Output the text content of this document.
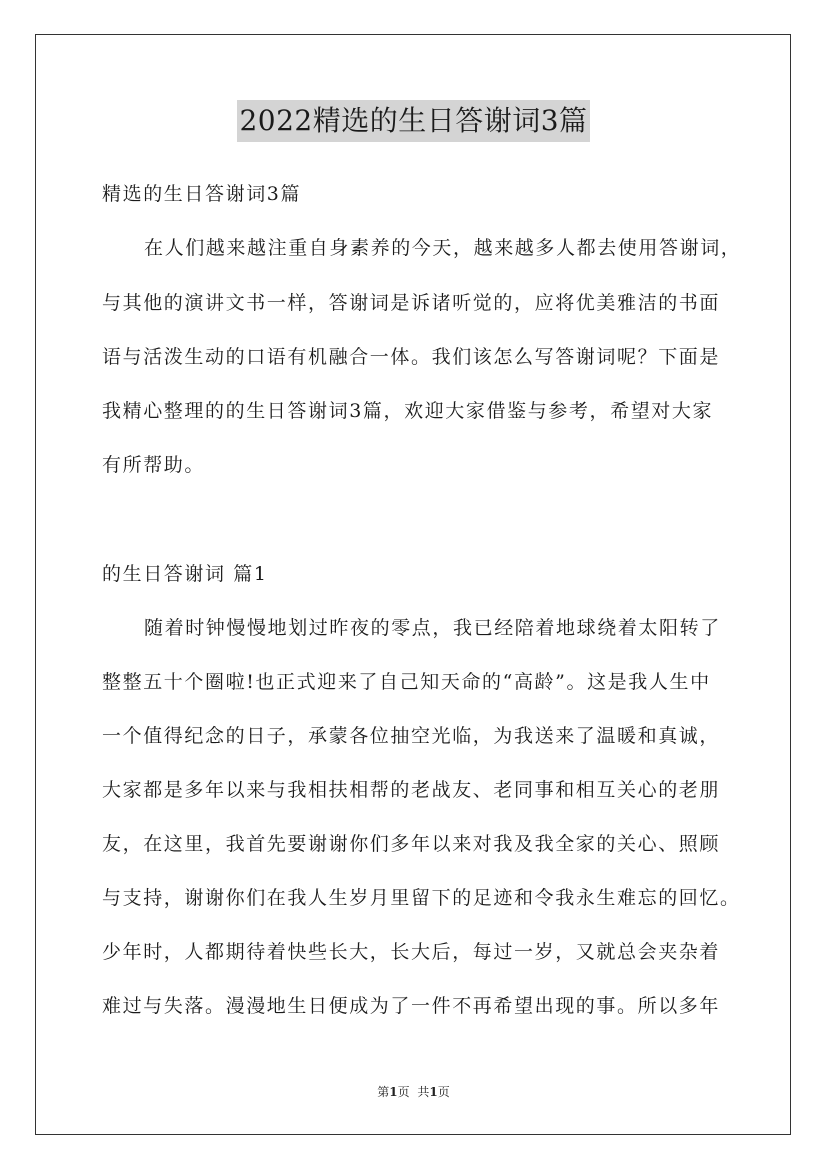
2022精选的生日答谢词3篇
精选的生日答谢词3篇
在人们越来越注重自身素养的今天，越来越多人都去使用答谢词，
与其他的演讲文书一样，答谢词是诉诸听觉的，应将优美雅洁的书面
语与活泼生动的口语有机融合一体。我们该怎么写答谢词呢？下面是
我精心整理的的生日答谢词3篇，欢迎大家借鉴与参考，希望对大家
有所帮助。
的生日答谢词 篇1
随着时钟慢慢地划过昨夜的零点，我已经陪着地球绕着太阳转了
整整五十个圈啦!也正式迎来了自己知天命的“高龄”。这是我人生中
一个值得纪念的日子，承蒙各位抽空光临，为我送来了温暖和真诚，
大家都是多年以来与我相扶相帮的老战友、老同事和相互关心的老朋
友，在这里，我首先要谢谢你们多年以来对我及我全家的关心、照顾
与支持，谢谢你们在我人生岁月里留下的足迹和令我永生难忘的回忆。
少年时，人都期待着快些长大，长大后，每过一岁，又就总会夹杂着
难过与失落。漫漫地生日便成为了一件不再希望出现的事。所以多年
第1页 共1页
